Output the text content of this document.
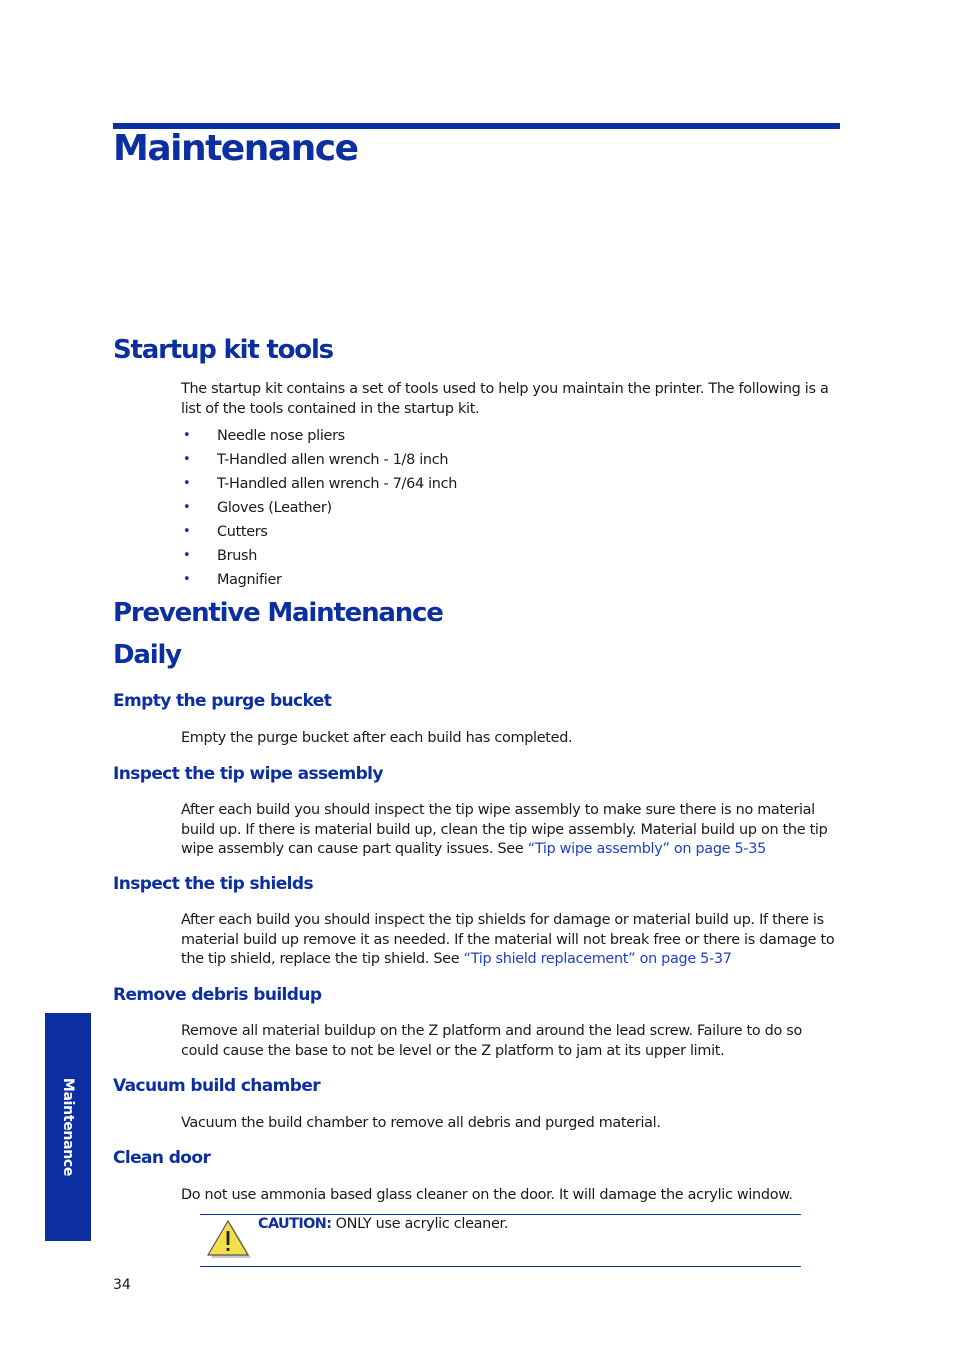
Maintenance
Startup kit tools

The startup kit contains a set of tools used to help you maintain the printer. The following is a list of the tools contained in the startup kit.

• Needle nose pliers
• T-Handled allen wrench - 1/8 inch
• T-Handled allen wrench - 7/64 inch
• Gloves (Leather)
• Cutters
• Brush
• Magnifier
Preventive Maintenance
Daily
Empty the purge bucket

Empty the purge bucket after each build has completed.

Inspect the tip wipe assembly

After each build you should inspect the tip wipe assembly to make sure there is no material build up. If there is material build up, clean the tip wipe assembly. Material build up on the tip wipe assembly can cause part quality issues. See “Tip wipe assembly” on page 5-35

Inspect the tip shields

After each build you should inspect the tip shields for damage or material build up. If there is material build up remove it as needed. If the material will not break free or there is damage to the tip shield, replace the tip shield. See “Tip shield replacement” on page 5-37

Remove debris buildup

Remove all material buildup on the Z platform and around the lead screw. Failure to do so could cause the base to not be level or the Z platform to jam at its upper limit.

Vacuum build chamber

Vacuum the build chamber to remove all debris and purged material.

Clean door

Do not use ammonia based glass cleaner on the door. It will damage the acrylic window.

CAUTION: ONLY use acrylic cleaner.

Maintenance
34
